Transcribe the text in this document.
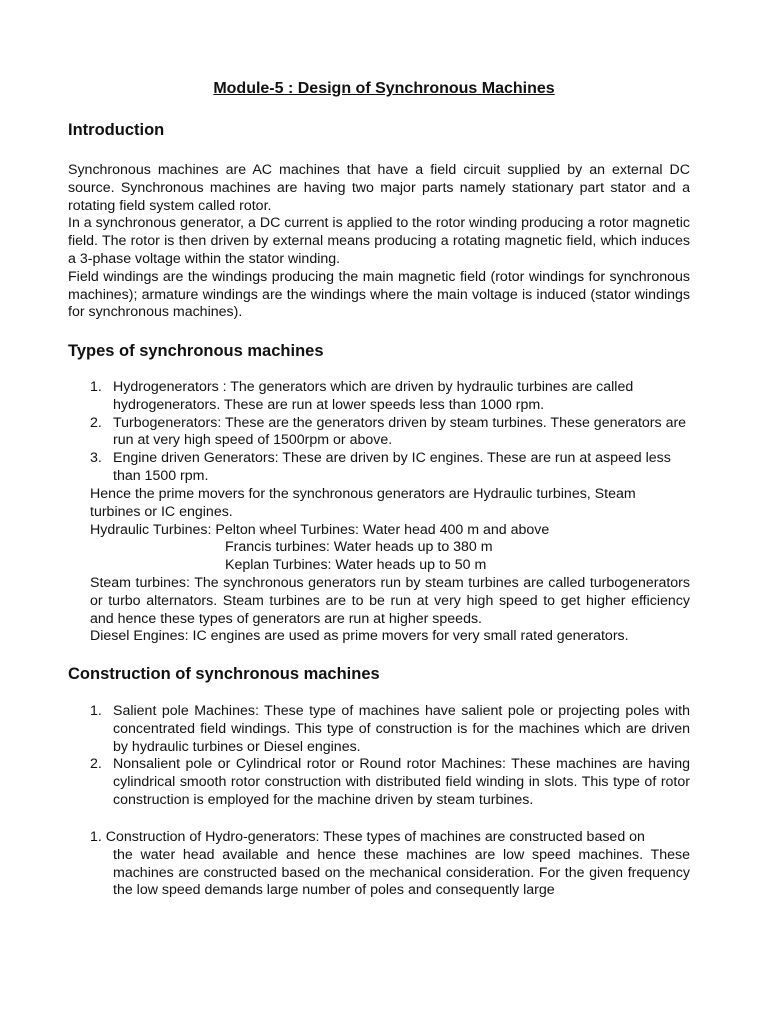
Module-5 : Design of Synchronous Machines
Introduction

Synchronous machines are AC machines that have a field circuit supplied by an external DC source. Synchronous machines are having two major parts namely stationary part stator and a rotating field system called rotor.

In a synchronous generator, a DC current is applied to the rotor winding producing a rotor magnetic field. The rotor is then driven by external means producing a rotating magnetic field, which induces a 3-phase voltage within the stator winding.

Field windings are the windings producing the main magnetic field (rotor windings for synchronous machines); armature windings are the windings where the main voltage is induced (stator windings for synchronous machines).

Types of synchronous machines
1. Hydrogenerators : The generators which are driven by hydraulic turbines are called hydrogenerators. These are run at lower speeds less than 1000 rpm.
2. Turbogenerators: These are the generators driven by steam turbines. These generators are run at very high speed of 1500rpm or above.
3. Engine driven Generators: These are driven by IC engines. These are run at aspeed less than 1500 rpm.
Hence the prime movers for the synchronous generators are Hydraulic turbines, Steam turbines or IC engines.
Hydraulic Turbines: Pelton wheel Turbines: Water head 400 m and above
Francis turbines: Water heads up to 380 m
Keplan Turbines: Water heads up to 50 m
Steam turbines: The synchronous generators run by steam turbines are called turbogenerators or turbo alternators. Steam turbines are to be run at very high speed to get higher efficiency and hence these types of generators are run at higher speeds.
Diesel Engines: IC engines are used as prime movers for very small rated generators.
Construction of synchronous machines
1. Salient pole Machines: These type of machines have salient pole or projecting poles with concentrated field windings. This type of construction is for the machines which are driven by hydraulic turbines or Diesel engines.
2. Nonsalient pole or Cylindrical rotor or Round rotor Machines: These machines are having cylindrical smooth rotor construction with distributed field winding in slots. This type of rotor construction is employed for the machine driven by steam turbines.
1. Construction of Hydro-generators: These types of machines are constructed based on
the water head available and hence these machines are low speed machines. These machines are constructed based on the mechanical consideration. For the given frequency the low speed demands large number of poles and consequently large
